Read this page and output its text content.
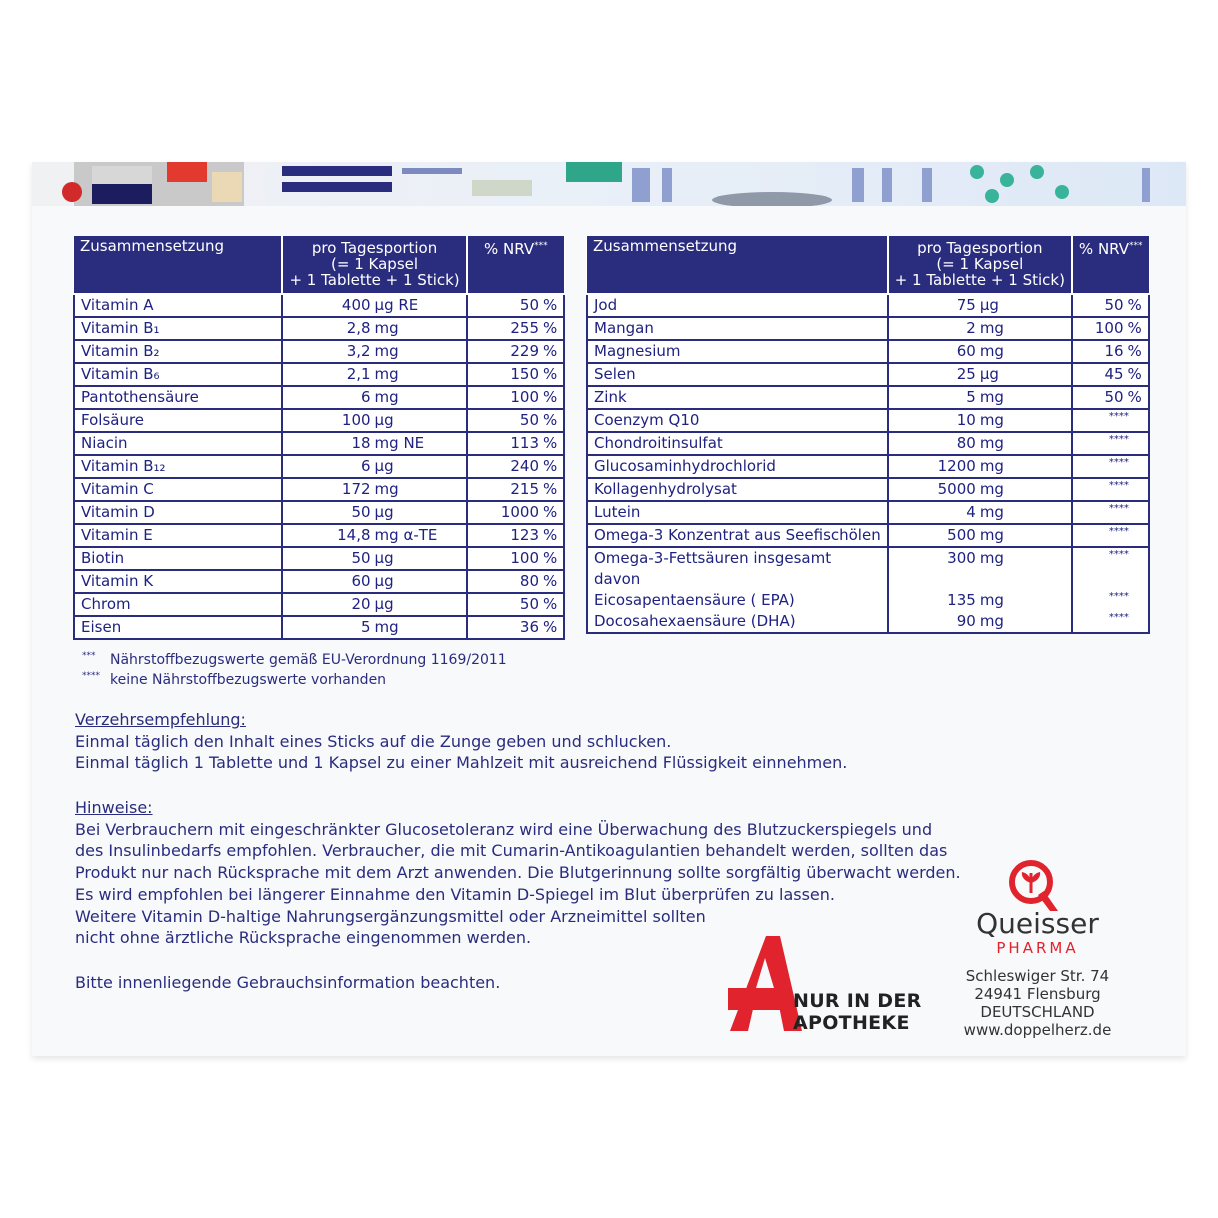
Zusammensetzung	pro Tagesportion
(= 1 Kapsel
+ 1 Tablette + 1 Stick)	% NRV***
Vitamin A	400 µg RE	50 %
Vitamin B₁	2,8 mg	255 %
Vitamin B₂	3,2 mg	229 %
Vitamin B₆	2,1 mg	150 %
Pantothensäure	6 mg	100 %
Folsäure	100 µg	50 %
Niacin	18 mg NE	113 %
Vitamin B₁₂	6 µg	240 %
Vitamin C	172 mg	215 %
Vitamin D	50 µg	1000 %
Vitamin E	14,8 mg α-TE	123 %
Biotin	50 µg	100 %
Vitamin K	60 µg	80 %
Chrom	20 µg	50 %
Eisen	5 mg	36 %
Zusammensetzung	pro Tagesportion
(= 1 Kapsel
+ 1 Tablette + 1 Stick)	% NRV***
Jod	75 µg	50 %
Mangan	2 mg	100 %
Magnesium	60 mg	16 %
Selen	25 µg	45 %
Zink	5 mg	50 %
Coenzym Q10	10 mg	****
Chondroitinsulfat	80 mg	****
Glucosaminhydrochlorid	1200 mg	****
Kollagenhydrolysat	5000 mg	****
Lutein	4 mg	****
Omega-3 Konzentrat aus Seefischölen	500 mg	****
Omega-3-Fettsäuren insgesamt	300 mg	****
davon		
Eicosapentaensäure ( EPA)	135 mg	****
Docosahexaensäure (DHA)	90 mg	****
*** Nährstoffbezugswerte gemäß EU-Verordnung 1169/2011
**** keine Nährstoffbezugswerte vorhanden
Verzehrsempfehlung:
Einmal täglich den Inhalt eines Sticks auf die Zunge geben und schlucken.
Einmal täglich 1 Tablette und 1 Kapsel zu einer Mahlzeit mit ausreichend Flüssigkeit einnehmen.
Hinweise:
Bei Verbrauchern mit eingeschränkter Glucosetoleranz wird eine Überwachung des Blutzuckerspiegels und
des Insulinbedarfs empfohlen. Verbraucher, die mit Cumarin-Antikoagulantien behandelt werden, sollten das
Produkt nur nach Rücksprache mit dem Arzt anwenden. Die Blutgerinnung sollte sorgfältig überwacht werden.
Es wird empfohlen bei längerer Einnahme den Vitamin D-Spiegel im Blut überprüfen zu lassen.
Weitere Vitamin D-haltige Nahrungsergänzungsmittel oder Arzneimittel sollten
nicht ohne ärztliche Rücksprache eingenommen werden.
Bitte innenliegende Gebrauchsinformation beachten.
NUR IN DER
APOTHEKE
Queisser
PHARMA
Schleswiger Str. 74
24941 Flensburg
DEUTSCHLAND
www.doppelherz.de
